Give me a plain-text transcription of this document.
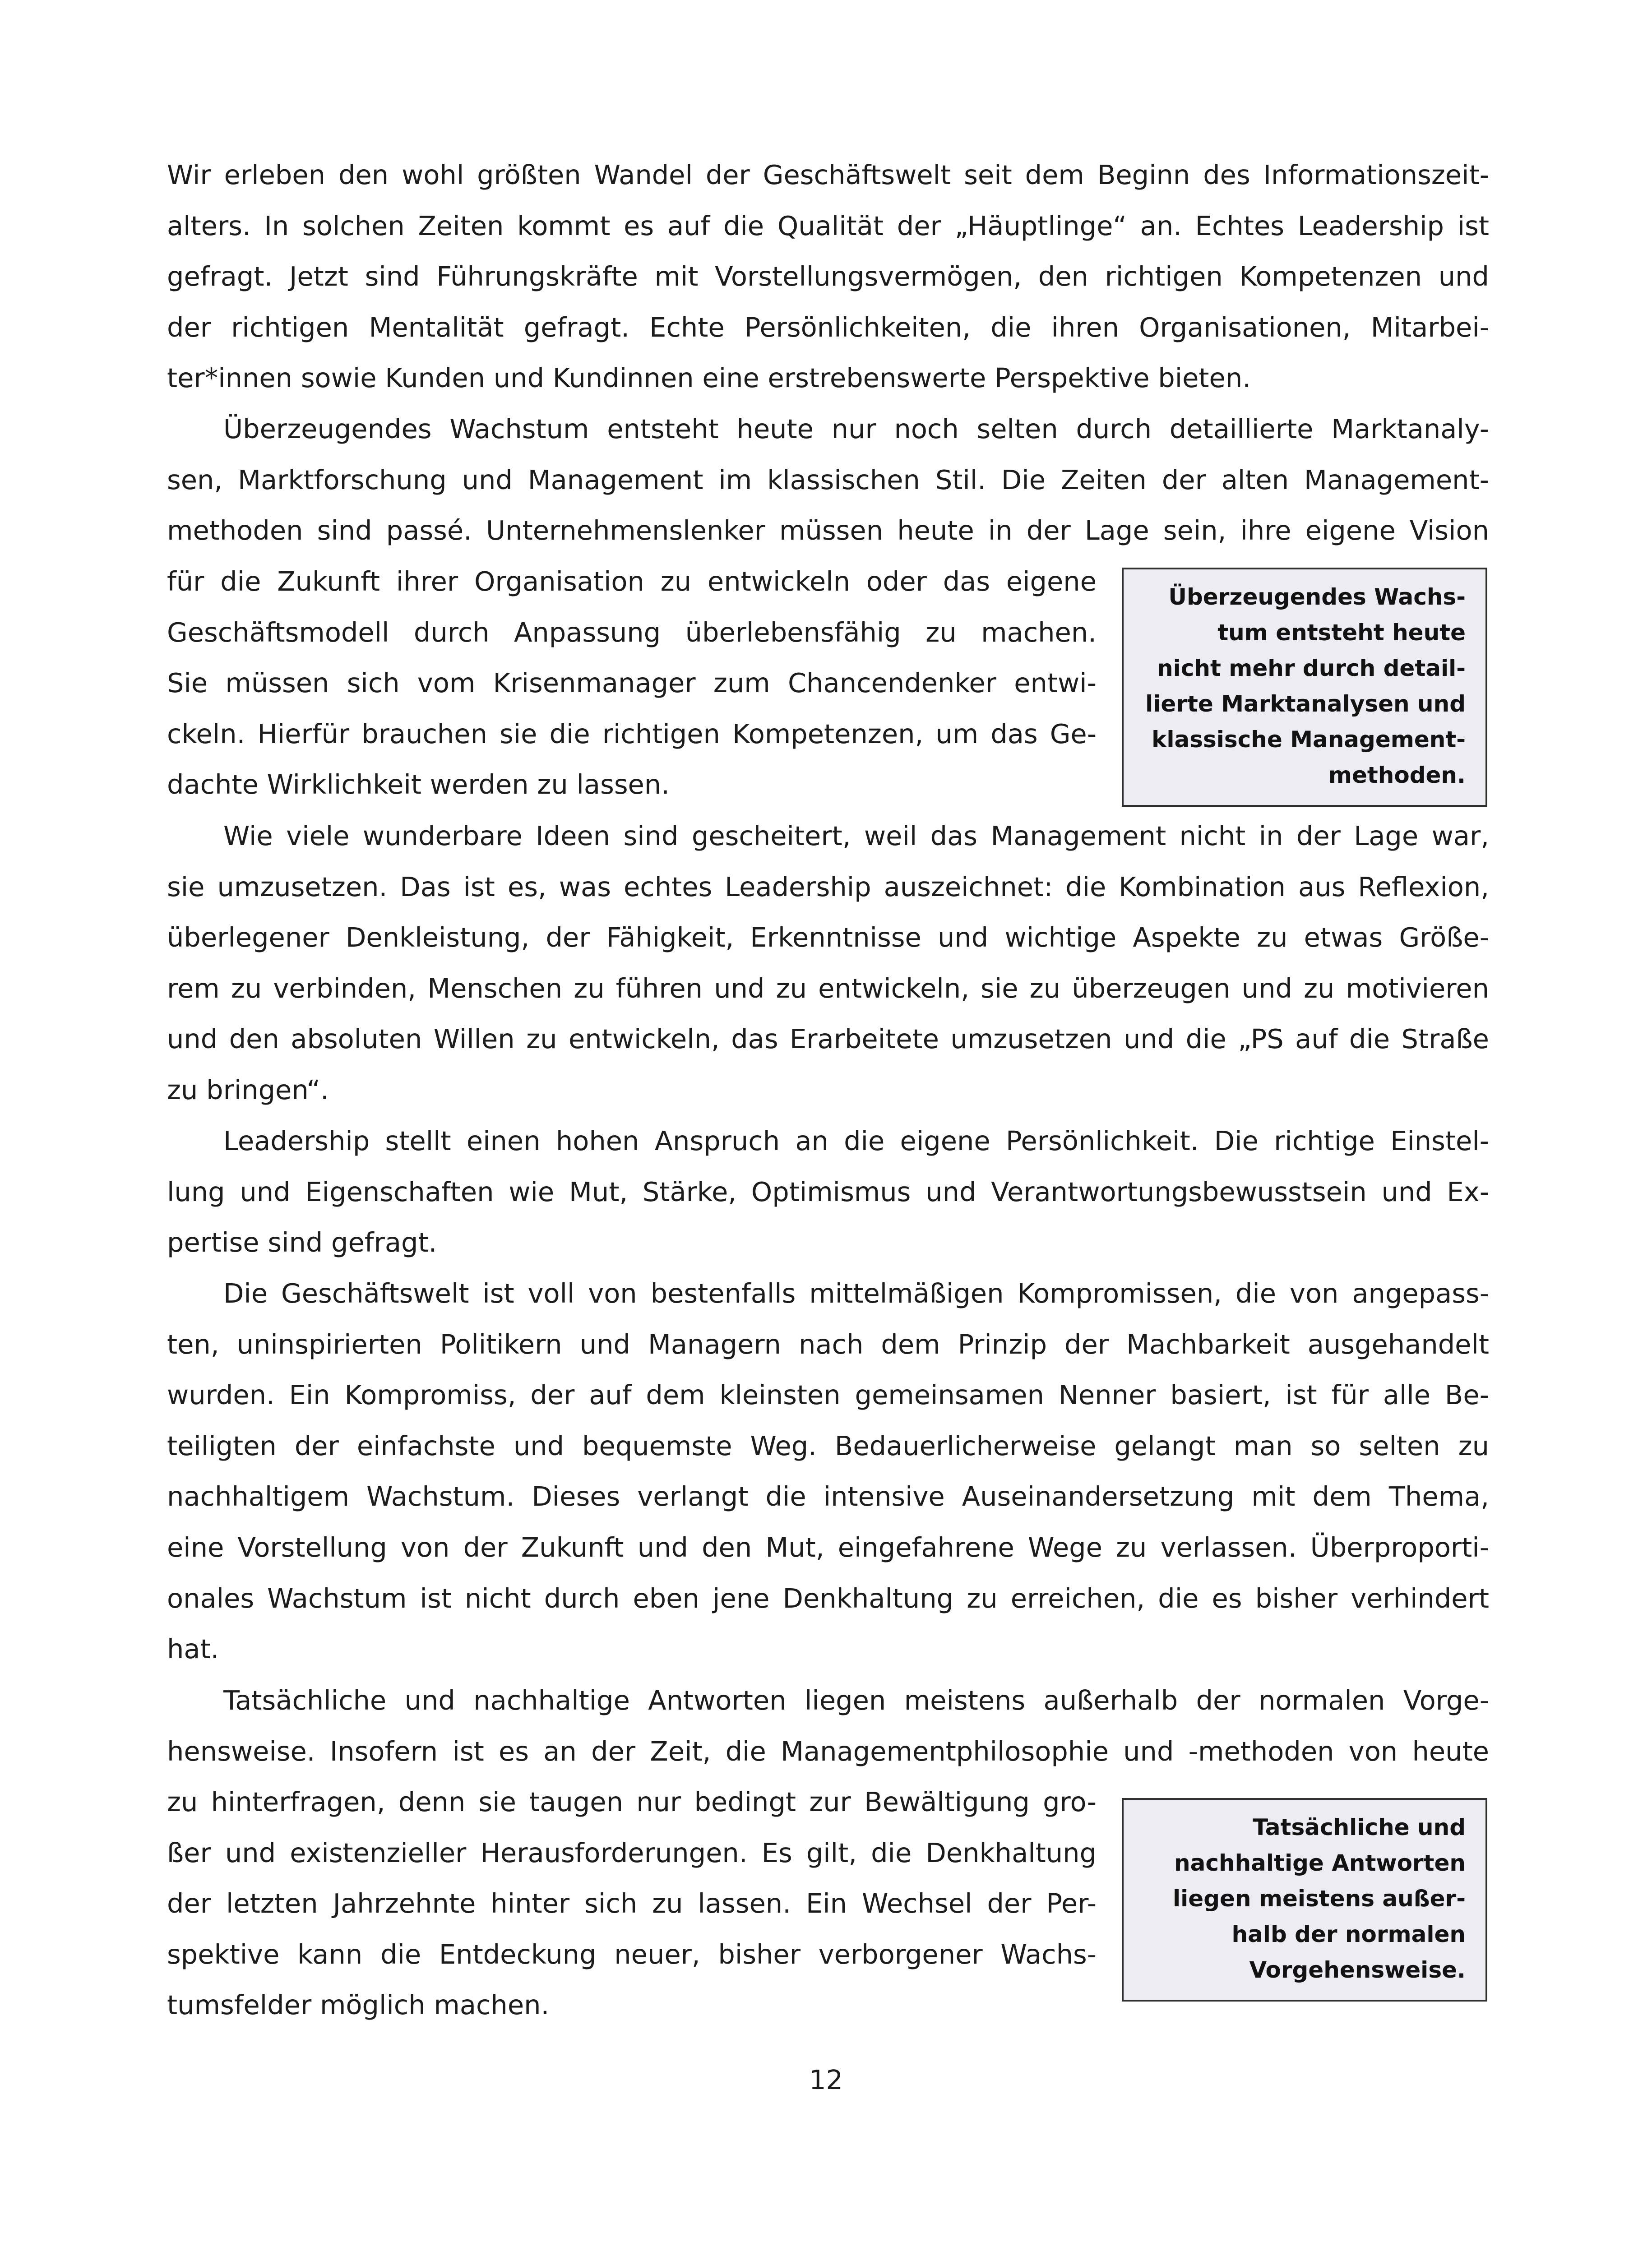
Wir erleben den wohl größten Wandel der Geschäftswelt seit dem Beginn des Informationszeit-
alters. In solchen Zeiten kommt es auf die Qualität der „Häuptlinge“ an. Echtes Leadership ist
gefragt. Jetzt sind Führungskräfte mit Vorstellungsvermögen, den richtigen Kompetenzen und
der richtigen Mentalität gefragt. Echte Persönlichkeiten, die ihren Organisationen, Mitarbei-
ter*innen sowie Kunden und Kundinnen eine erstrebenswerte Perspektive bieten.
Überzeugendes Wachstum entsteht heute nur noch selten durch detaillierte Marktanaly-
sen, Marktforschung und Management im klassischen Stil. Die Zeiten der alten Management-
methoden sind passé. Unternehmenslenker müssen heute in der Lage sein, ihre eigene Vision
für die Zukunft ihrer Organisation zu entwickeln oder das eigene
Geschäftsmodell durch Anpassung überlebensfähig zu machen.
Sie müssen sich vom Krisenmanager zum Chancendenker entwi-
ckeln. Hierfür brauchen sie die richtigen Kompetenzen, um das Ge-
dachte Wirklichkeit werden zu lassen.
Überzeugendes Wachs-
tum entsteht heute
nicht mehr durch detail-
lierte Marktanalysen und
klassische Management-
methoden.
Wie viele wunderbare Ideen sind gescheitert, weil das Management nicht in der Lage war,
sie umzusetzen. Das ist es, was echtes Leadership auszeichnet: die Kombination aus Reflexion,
überlegener Denkleistung, der Fähigkeit, Erkenntnisse und wichtige Aspekte zu etwas Größe-
rem zu verbinden, Menschen zu führen und zu entwickeln, sie zu überzeugen und zu motivieren
und den absoluten Willen zu entwickeln, das Erarbeitete umzusetzen und die „PS auf die Straße
zu bringen“.
Leadership stellt einen hohen Anspruch an die eigene Persönlichkeit. Die richtige Einstel-
lung und Eigenschaften wie Mut, Stärke, Optimismus und Verantwortungsbewusstsein und Ex-
pertise sind gefragt.
Die Geschäftswelt ist voll von bestenfalls mittelmäßigen Kompromissen, die von angepass-
ten, uninspirierten Politikern und Managern nach dem Prinzip der Machbarkeit ausgehandelt
wurden. Ein Kompromiss, der auf dem kleinsten gemeinsamen Nenner basiert, ist für alle Be-
teiligten der einfachste und bequemste Weg. Bedauerlicherweise gelangt man so selten zu
nachhaltigem Wachstum. Dieses verlangt die intensive Auseinandersetzung mit dem Thema,
eine Vorstellung von der Zukunft und den Mut, eingefahrene Wege zu verlassen. Überproporti-
onales Wachstum ist nicht durch eben jene Denkhaltung zu erreichen, die es bisher verhindert
hat.
Tatsächliche und nachhaltige Antworten liegen meistens außerhalb der normalen Vorge-
hensweise. Insofern ist es an der Zeit, die Managementphilosophie und -methoden von heute
zu hinterfragen, denn sie taugen nur bedingt zur Bewältigung gro-
ßer und existenzieller Herausforderungen. Es gilt, die Denkhaltung
der letzten Jahrzehnte hinter sich zu lassen. Ein Wechsel der Per-
spektive kann die Entdeckung neuer, bisher verborgener Wachs-
tumsfelder möglich machen.
Tatsächliche und
nachhaltige Antworten
liegen meistens außer-
halb der normalen
Vorgehensweise.
12
